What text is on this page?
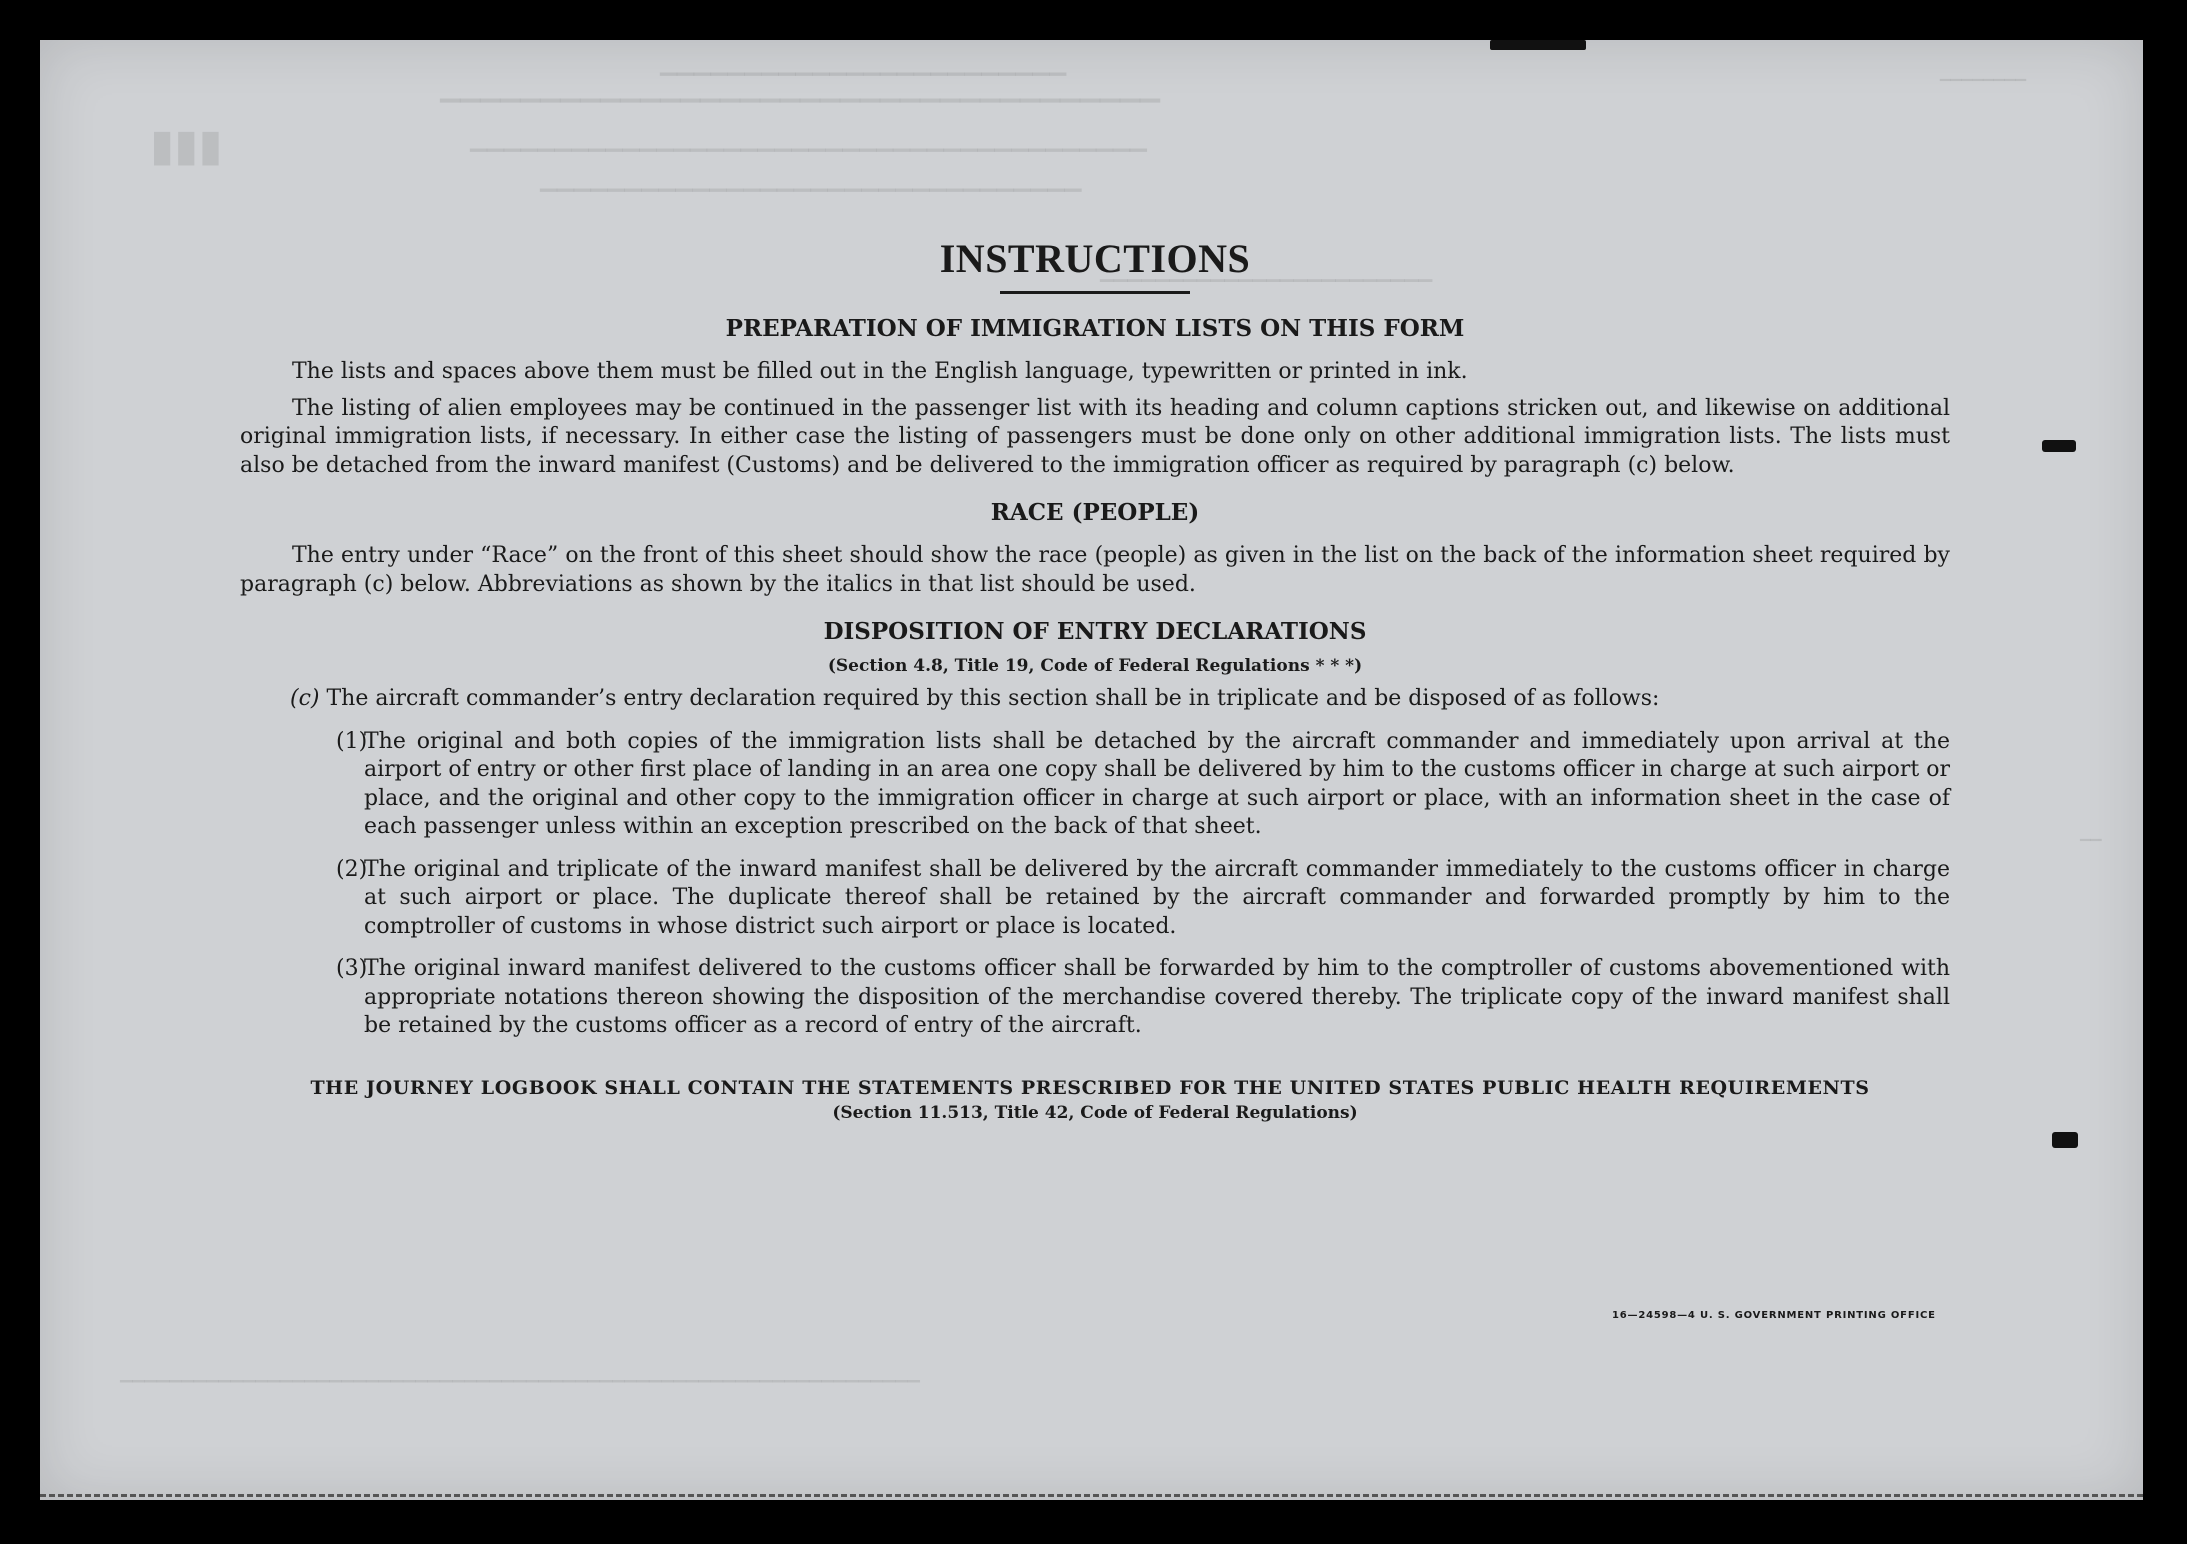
▔▔▔▔▔▔▔▔▔▔▔▔▔▔▔▔▔▔▔▔▔▔▔▔
▔▔▔▔▔▔▔▔▔▔▔▔▔▔▔▔▔▔▔▔▔▔▔▔▔▔▔▔▔▔▔▔▔▔▔▔
▮▮▮	▔▔▔▔▔▔▔▔▔▔▔▔▔▔▔▔▔▔▔▔▔▔▔▔▔▔▔▔▔▔▔▔▔▔▔▔▔▔▔▔
▔▔▔▔▔▔▔▔▔▔▔▔▔▔▔▔▔▔▔▔▔▔▔▔▔▔▔▔▔▔▔▔
▔▔▔▔▔▔▔▔▔▔▔▔▔▔▔▔▔▔▔▔▔▔▔▔
▔▔▔▔▔▔▔▔
▔▔
▔▔▔▔▔▔▔▔▔▔▔▔▔▔▔▔▔▔▔▔▔▔▔▔▔▔▔▔▔▔▔▔▔▔▔▔▔▔▔▔▔▔▔▔▔▔▔▔▔▔▔▔▔▔▔▔▔▔▔▔▔▔▔▔▔
INSTRUCTIONS
PREPARATION OF IMMIGRATION LISTS ON THIS FORM

The lists and spaces above them must be filled out in the English language, typewritten or printed in ink.

The listing of alien employees may be continued in the passenger list with its heading and column captions stricken out, and likewise on additional original immigration lists, if necessary. In either case the listing of passengers must be done only on other additional immigration lists. The lists must also be detached from the inward manifest (Customs) and be delivered to the immigration officer as required by paragraph (c) below.

RACE (PEOPLE)

The entry under “Race” on the front of this sheet should show the race (people) as given in the list on the back of the information sheet required by paragraph (c) below. Abbreviations as shown by the italics in that list should be used.

DISPOSITION OF ENTRY DECLARATIONS
(Section 4.8, Title 19, Code of Federal Regulations * * *)

(c) The aircraft commander’s entry declaration required by this section shall be in triplicate and be disposed of as follows:

(1)
The original and both copies of the immigration lists shall be detached by the aircraft commander and immediately upon arrival at the airport of entry or other first place of landing in an area one copy shall be delivered by him to the customs officer in charge at such airport or place, and the original and other copy to the immigration officer in charge at such airport or place, with an information sheet in the case of each passenger unless within an exception prescribed on the back of that sheet.
(2)
The original and triplicate of the inward manifest shall be delivered by the aircraft commander immediately to the customs officer in charge at such airport or place. The duplicate thereof shall be retained by the aircraft commander and forwarded promptly by him to the comptroller of customs in whose district such airport or place is located.
(3)
The original inward manifest delivered to the customs officer shall be forwarded by him to the comptroller of customs abovementioned with appropriate notations thereon showing the disposition of the merchandise covered thereby. The triplicate copy of the inward manifest shall be retained by the customs officer as a record of entry of the aircraft.
THE JOURNEY LOGBOOK SHALL CONTAIN THE STATEMENTS PRESCRIBED FOR THE UNITED STATES PUBLIC HEALTH REQUIREMENTS
(Section 11.513, Title 42, Code of Federal Regulations)
16—24598—4 U. S. GOVERNMENT PRINTING OFFICE
